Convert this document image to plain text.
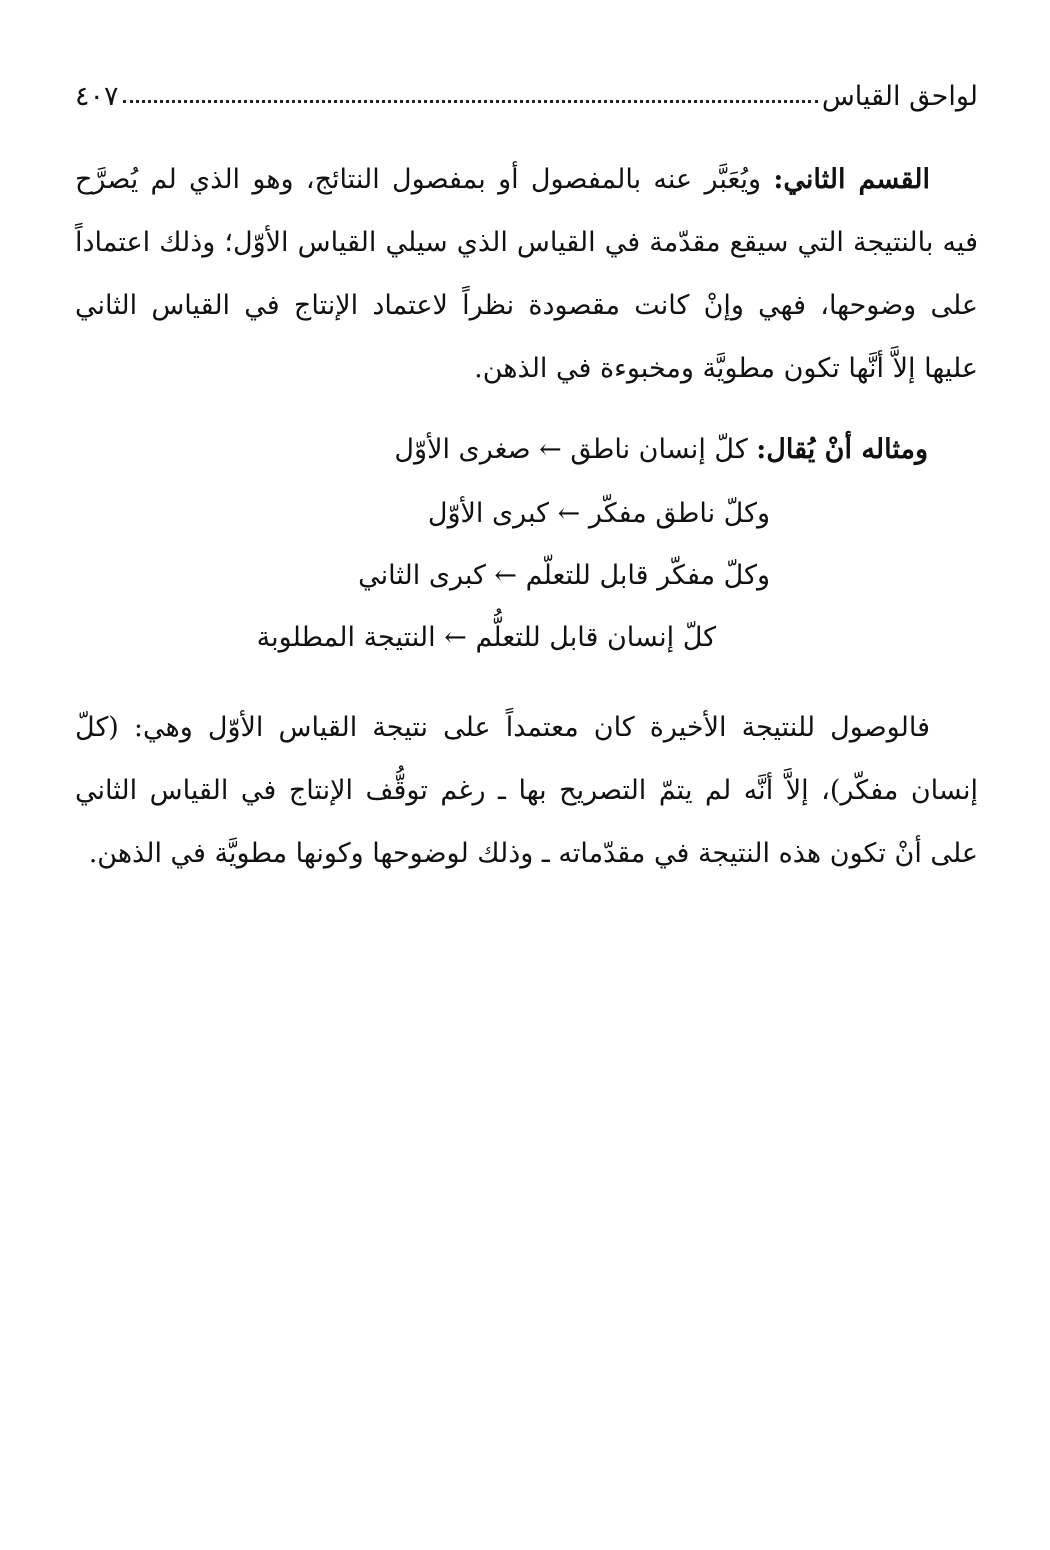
لواحق القياس
٤٠٧

القسم الثاني: ويُعَبَّر عنه بالمفصول أو بمفصول النتائج، وهو الذي لم يُصرَّح فيه بالنتيجة التي سيقع مقدّمة في القياس الذي سيلي القياس الأوّل؛ وذلك اعتماداً على وضوحها، فهي وإنْ كانت مقصودة نظراً لاعتماد الإنتاج في القياس الثاني عليها إلاَّ أنَّها تكون مطويَّة ومخبوءة في الذهن.

ومثاله أنْ يُقال: كلّ إنسان ناطق ← صغرى الأوّل
وكلّ ناطق مفكّر ← كبرى الأوّل
وكلّ مفكّر قابل للتعلّم ← كبرى الثاني
كلّ إنسان قابل للتعلُّم ← النتيجة المطلوبة

فالوصول للنتيجة الأخيرة كان معتمداً على نتيجة القياس الأوّل وهي: (كلّ إنسان مفكّر)، إلاَّ أنَّه لم يتمّ التصريح بها ـ رغم توقُّف الإنتاج في القياس الثاني على أنْ تكون هذه النتيجة في مقدّماته ـ وذلك لوضوحها وكونها مطويَّة في الذهن.
